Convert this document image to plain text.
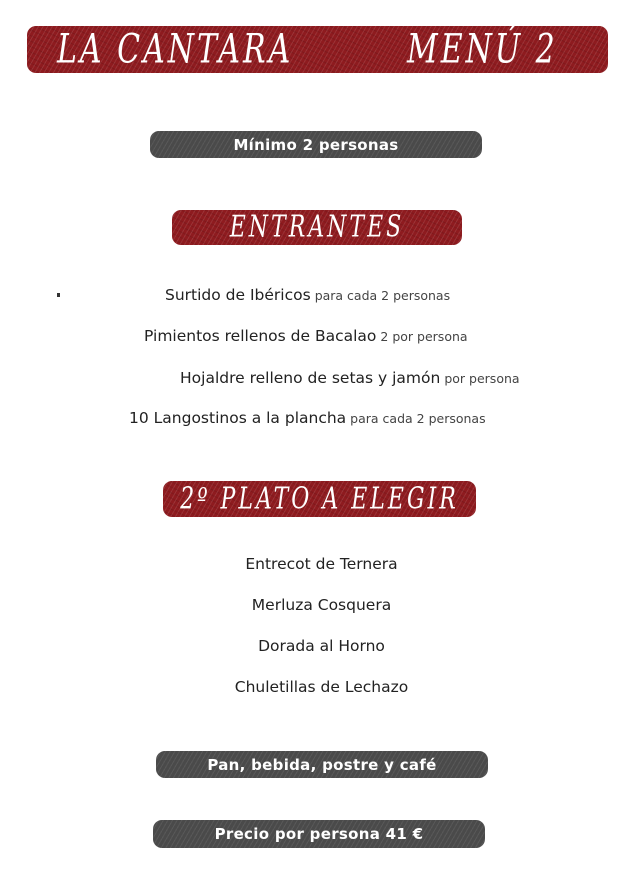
LA CANTARA	MENÚ 2
Mínimo 2 personas
ENTRANTES
Surtido de Ibéricos para cada 2 personas
Pimientos rellenos de Bacalao 2 por persona
Hojaldre relleno de setas y jamón por persona
10 Langostinos a la plancha para cada 2 personas
2º PLATO A ELEGIR
Entrecot de Ternera
Merluza Cosquera
Dorada al Horno
Chuletillas de Lechazo
Pan, bebida, postre y café
Precio por persona 41 €
